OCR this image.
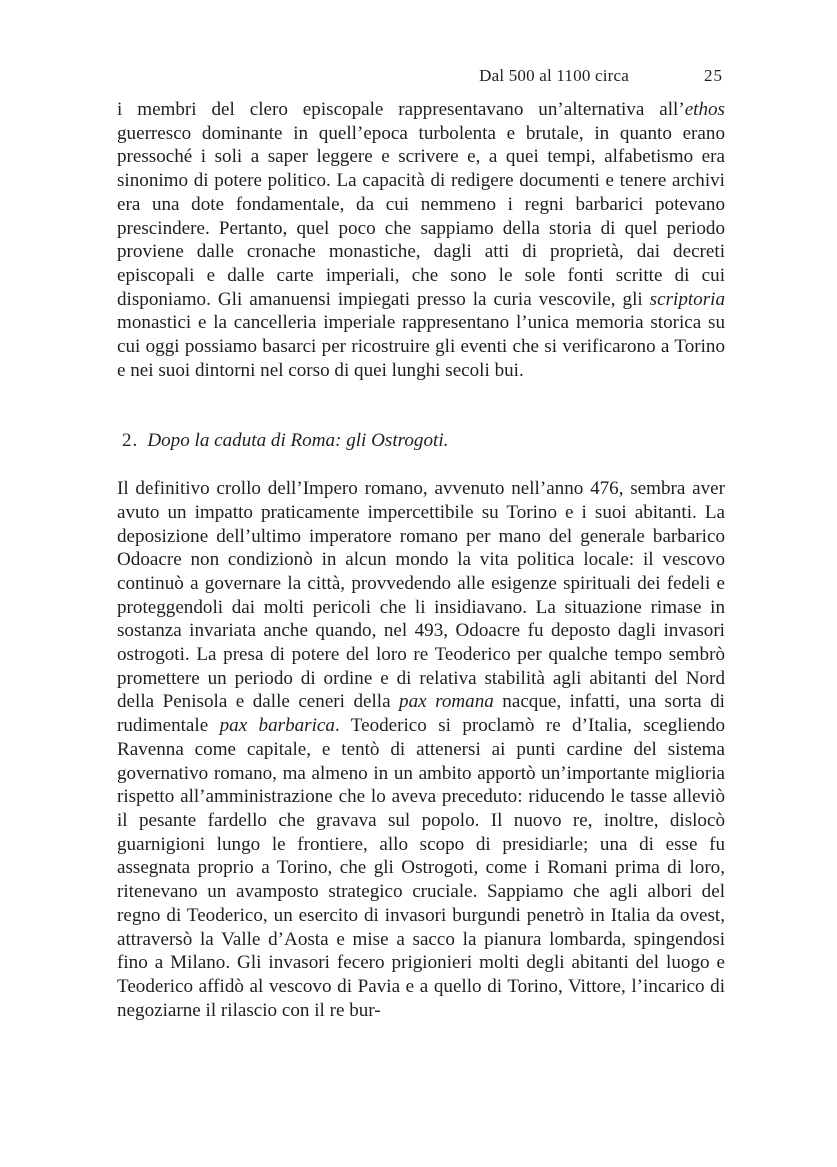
Dal 500 al 1100 circa	25

i membri del clero episcopale rappresentavano un’alternativa all’ethos guerresco dominante in quell’epoca turbolenta e brutale, in quanto erano pressoché i soli a saper leggere e scrivere e, a quei tempi, alfabetismo era sinonimo di potere politico. La capacità di redigere documenti e tenere archivi era una dote fondamentale, da cui nemmeno i regni barbarici potevano prescindere. Pertanto, quel poco che sappiamo della storia di quel periodo proviene dalle cronache monastiche, dagli atti di proprietà, dai decreti episcopali e dalle carte imperiali, che sono le sole fonti scritte di cui disponiamo. Gli amanuensi impiegati presso la curia vescovile, gli scriptoria monastici e la cancelleria imperiale rappresentano l’unica memoria storica su cui oggi possiamo basarci per ricostruire gli eventi che si verificarono a Torino e nei suoi dintorni nel corso di quei lunghi secoli bui.

2. Dopo la caduta di Roma: gli Ostrogoti.

Il definitivo crollo dell’Impero romano, avvenuto nell’anno 476, sembra aver avuto un impatto praticamente impercettibile su Torino e i suoi abitanti. La deposizione dell’ultimo imperatore romano per mano del generale barbarico Odoacre non condizionò in alcun mondo la vita politica locale: il vescovo continuò a governare la città, provvedendo alle esigenze spirituali dei fedeli e proteggendoli dai molti pericoli che li insidiavano. La situazione rimase in sostanza invariata anche quando, nel 493, Odoacre fu deposto dagli invasori ostrogoti. La presa di potere del loro re Teoderico per qualche tempo sembrò promettere un periodo di ordine e di relativa stabilità agli abitanti del Nord della Penisola e dalle ceneri della pax romana nacque, infatti, una sorta di rudimentale pax barbarica. Teoderico si proclamò re d’Italia, scegliendo Ravenna come capitale, e tentò di attenersi ai punti cardine del sistema governativo romano, ma almeno in un ambito apportò un’importante miglioria rispetto all’amministrazione che lo aveva preceduto: riducendo le tasse alleviò il pesante fardello che gravava sul popolo. Il nuovo re, inoltre, dislocò guarnigioni lungo le frontiere, allo scopo di presidiarle; una di esse fu assegnata proprio a Torino, che gli Ostrogoti, come i Romani prima di loro, ritenevano un avamposto strategico cruciale. Sappiamo che agli albori del regno di Teoderico, un esercito di invasori burgundi penetrò in Italia da ovest, attraversò la Valle d’Aosta e mise a sacco la pianura lombarda, spingendosi fino a Milano. Gli invasori fecero prigionieri molti degli abitanti del luogo e Teoderico affidò al vescovo di Pavia e a quello di Torino, Vittore, l’incarico di negoziarne il rilascio con il re bur-
